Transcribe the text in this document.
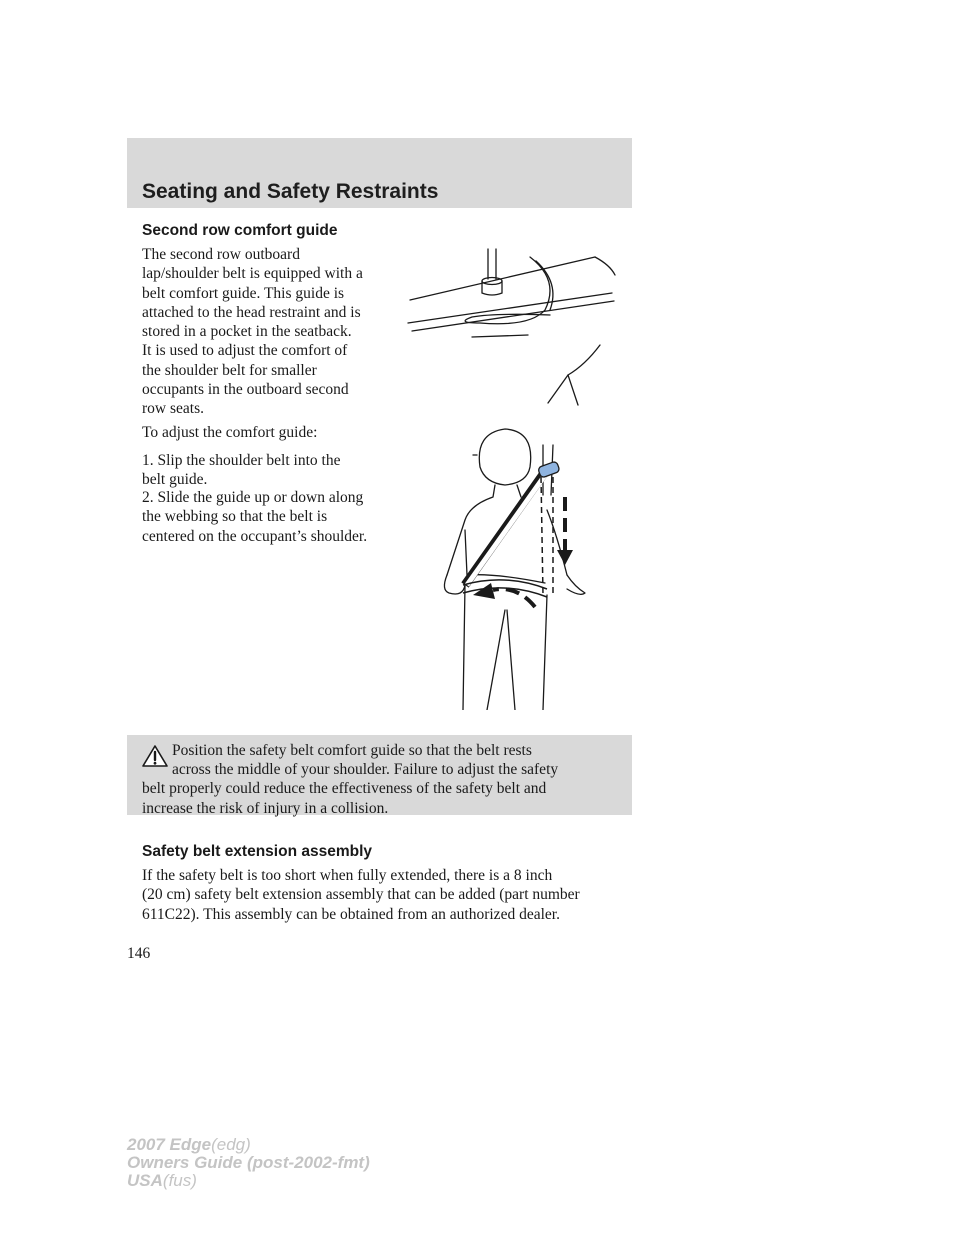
Seating and Safety Restraints
Second row comfort guide

The second row outboard
lap/shoulder belt is equipped with a
belt comfort guide. This guide is
attached to the head restraint and is
stored in a pocket in the seatback.
It is used to adjust the comfort of
the shoulder belt for smaller
occupants in the outboard second
row seats.

To adjust the comfort guide:

1. Slip the shoulder belt into the
belt guide.

2. Slide the guide up or down along
the webbing so that the belt is
centered on the occupant’s shoulder.

Position the safety belt comfort guide so that the belt rests

across the middle of your shoulder. Failure to adjust the safety
belt properly could reduce the effectiveness of the safety belt and
increase the risk of injury in a collision.

Safety belt extension assembly

If the safety belt is too short when fully extended, there is a 8 inch
(20 cm) safety belt extension assembly that can be added (part number
611C22). This assembly can be obtained from an authorized dealer.

146
2007 Edge(edg)
Owners Guide (post-2002-fmt)
USA(fus)
